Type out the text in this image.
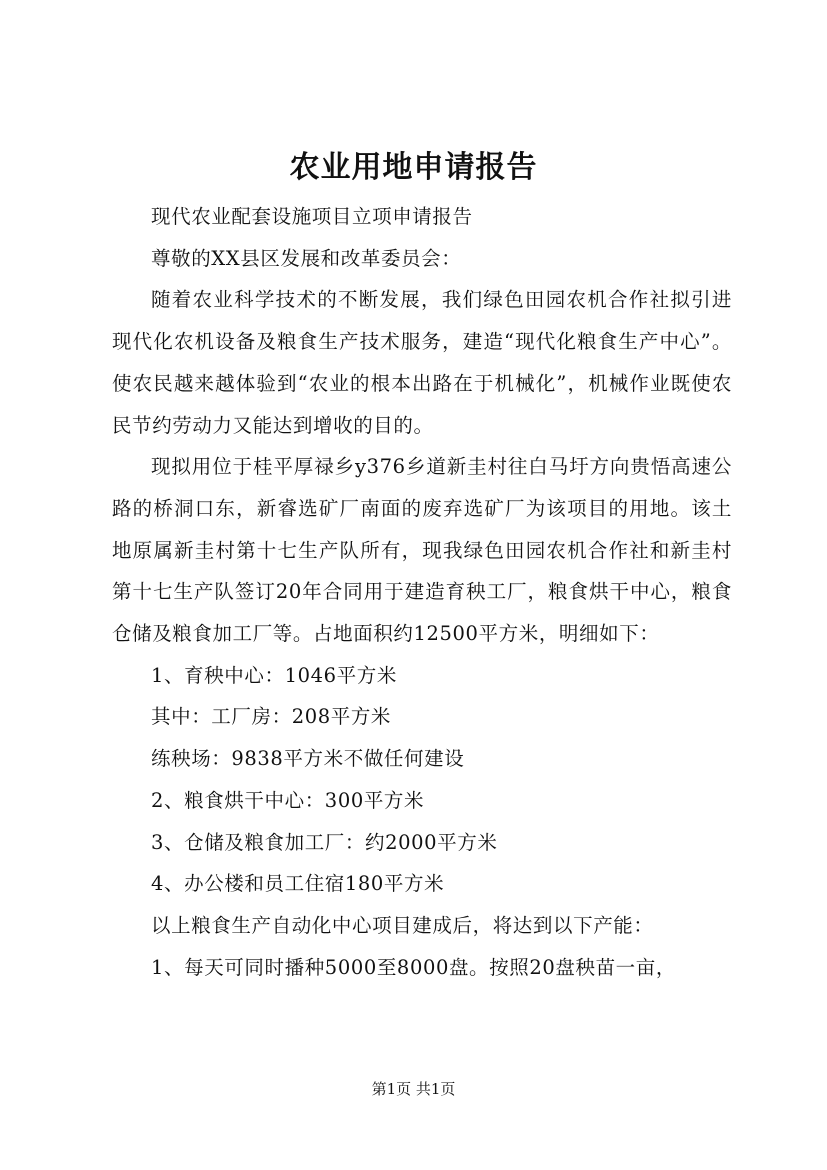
农业用地申请报告

现代农业配套设施项目立项申请报告

尊敬的XX县区发展和改革委员会：

随着农业科学技术的不断发展，我们绿色田园农机合作社拟引进现代化农机设备及粮食生产技术服务，建造“现代化粮食生产中心”。使农民越来越体验到“农业的根本出路在于机械化”，机械作业既使农民节约劳动力又能达到增收的目的。

现拟用位于桂平厚禄乡y376乡道新圭村往白马圩方向贵悟高速公路的桥洞口东，新睿选矿厂南面的废弃选矿厂为该项目的用地。该土地原属新圭村第十七生产队所有，现我绿色田园农机合作社和新圭村第十七生产队签订20年合同用于建造育秧工厂，粮食烘干中心，粮食仓储及粮食加工厂等。占地面积约12500平方米，明细如下：

1、育秧中心：1046平方米

其中：工厂房：208平方米

练秧场：9838平方米不做任何建设

2、粮食烘干中心：300平方米

3、仓储及粮食加工厂：约2000平方米

4、办公楼和员工住宿180平方米

以上粮食生产自动化中心项目建成后，将达到以下产能：

1、每天可同时播种5000至8000盘。按照20盘秧苗一亩，

第1页 共1页
